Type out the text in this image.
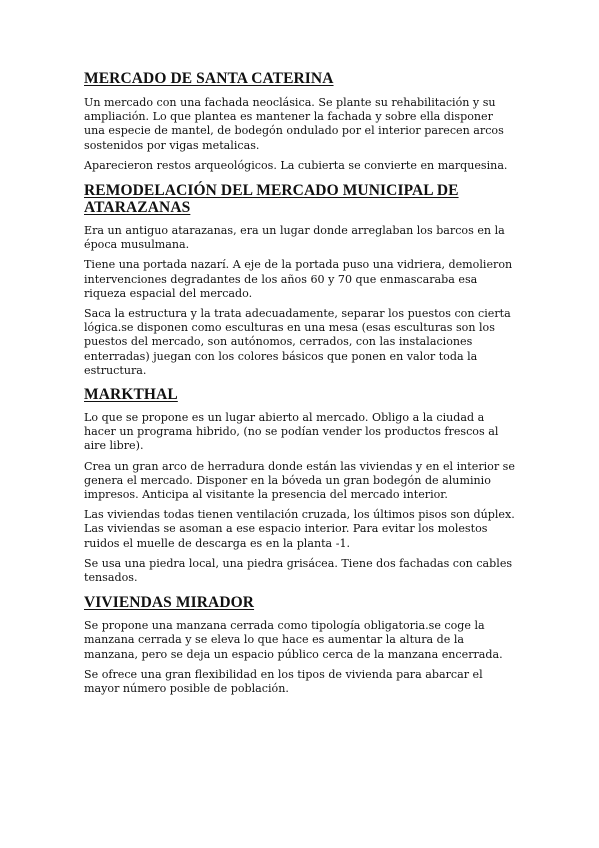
MERCADO DE SANTA CATERINA

Un mercado con una fachada neoclásica. Se plante su rehabilitación y su ampliación. Lo que plantea es mantener la fachada y sobre ella disponer una especie de mantel, de bodegón ondulado por el interior parecen arcos sostenidos por vigas metalicas.

Aparecieron restos arqueológicos. La cubierta se convierte en marquesina.

REMODELACIÓN DEL MERCADO MUNICIPAL DE ATARAZANAS

Era un antiguo atarazanas, era un lugar donde arreglaban los barcos en la época musulmana.

Tiene una portada nazarí. A eje de la portada puso una vidriera, demolieron intervenciones degradantes de los años 60 y 70 que enmascaraba esa riqueza espacial del mercado.

Saca la estructura y la trata adecuadamente, separar los puestos con cierta lógica.se disponen como esculturas en una mesa (esas esculturas son los puestos del mercado, son autónomos, cerrados, con las instalaciones enterradas) juegan con los colores básicos que ponen en valor toda la estructura.

MARKTHAL

Lo que se propone es un lugar abierto al mercado. Obligo a la ciudad a hacer un programa hibrido, (no se podían vender los productos frescos al aire libre).

Crea un gran arco de herradura donde están las viviendas y en el interior se genera el mercado. Disponer en la bóveda un gran bodegón de aluminio impresos. Anticipa al visitante la presencia del mercado interior.

Las viviendas todas tienen ventilación cruzada, los últimos pisos son dúplex. Las viviendas se asoman a ese espacio interior. Para evitar los molestos ruidos el muelle de descarga es en la planta -1.

Se usa una piedra local, una piedra grisácea. Tiene dos fachadas con cables tensados.

VIVIENDAS MIRADOR

Se propone una manzana cerrada como tipología obligatoria.se coge la manzana cerrada y se eleva lo que hace es aumentar la altura de la manzana, pero se deja un espacio público cerca de la manzana encerrada.

Se ofrece una gran flexibilidad en los tipos de vivienda para abarcar el mayor número posible de población.
